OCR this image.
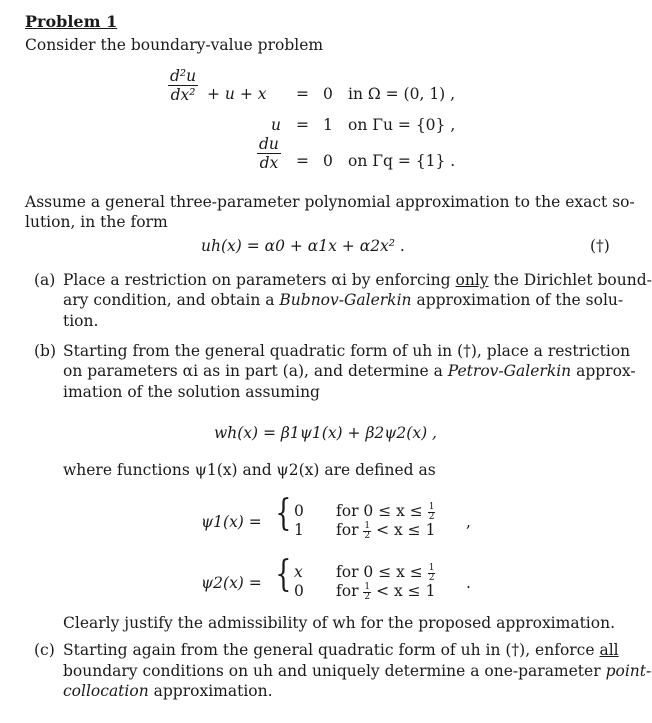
Problem 1
Consider the boundary-value problem
$\frac{\text{d²u}}{\text{dx²}} + u + x = 0$ in Ω = (0, 1) ,
u = 1 on Γu = {0} ,
$\frac{du}{dx} = 0$ on Γq = {1} .
Assume a general three-parameter polynomial approximation to the exact so-
lution, in the form
uh(x) = α0 + α1x + α2x² .	(†)
(a) Place a restriction on parameters αi by enforcing only the Dirichlet bound-
ary condition, and obtain a Bubnov-Galerkin approximation of the solu-
tion.
(b) Starting from the general quadratic form of uh in (†), place a restriction
on parameters αi as in part (a), and determine a Petrov-Galerkin approx-
imation of the solution assuming
wh(x) = β1ψ1(x) + β2ψ2(x) ,
where functions ψ1(x) and ψ2(x) are defined as
ψ1(x) = { 0 for $0 \le x \le \frac{1}{2}$
1 for $\frac{1}{2} < x \le 1$ ,
ψ2(x) = { x for $0 \le x \le \frac{1}{2}$
0 for $\frac{1}{2} < x \le 1$ .
Clearly justify the admissibility of wh for the proposed approximation.
(c) Starting again from the general quadratic form of uh in (†), enforce all
boundary conditions on uh and uniquely determine a one-parameter point-
collocation approximation.
